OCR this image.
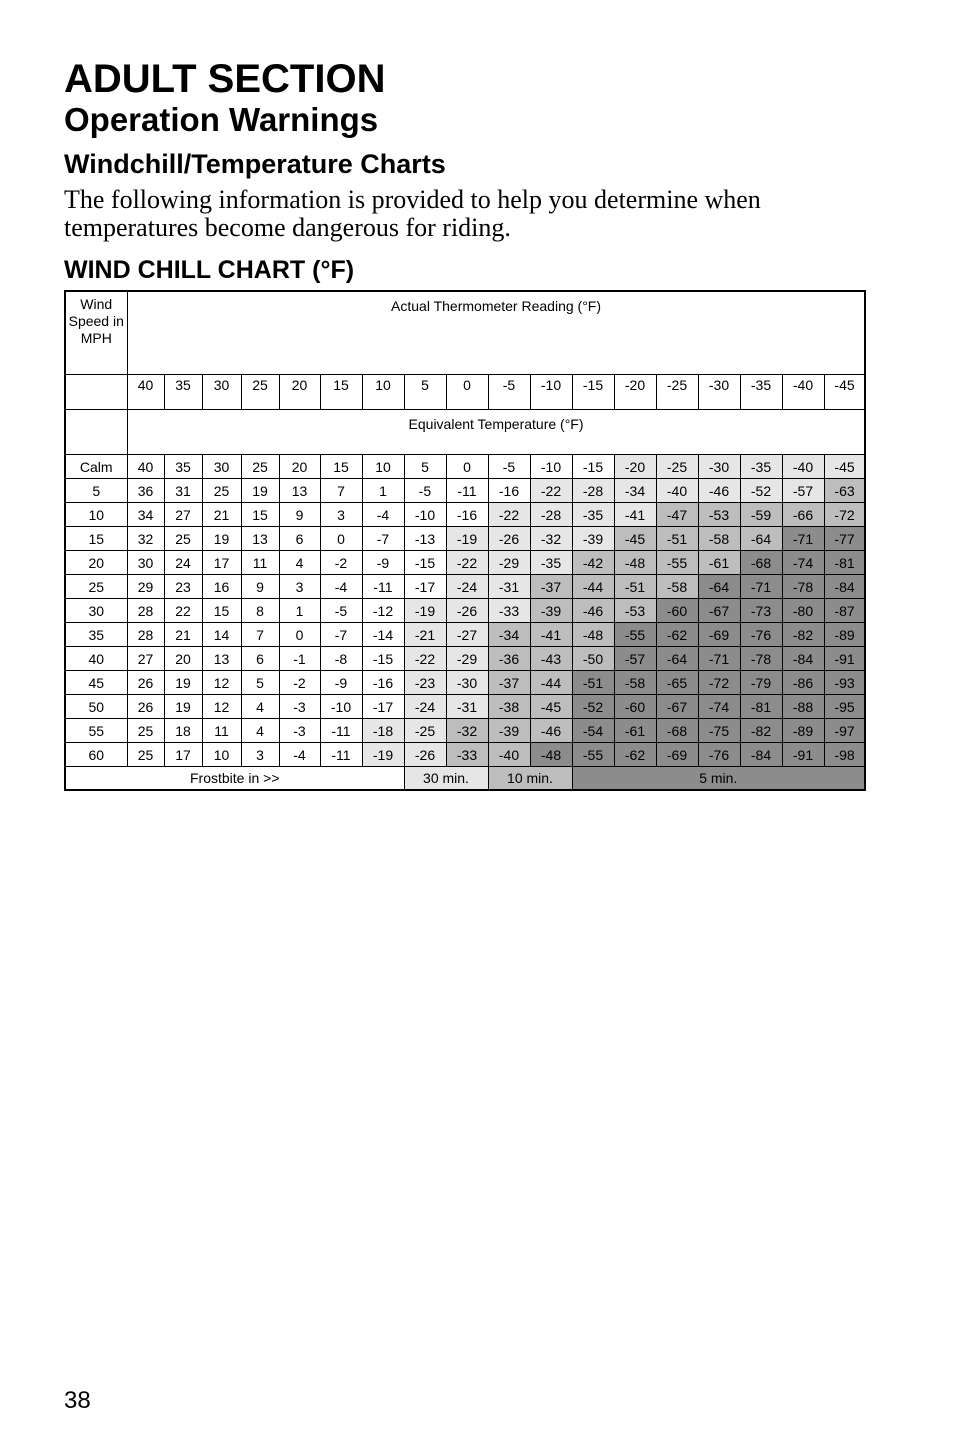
ADULT SECTION
Operation Warnings
Windchill/Temperature Charts

The following information is provided to help you determine when temperatures become dangerous for riding.

WIND CHILL CHART (°F)
Wind Speed in MPH	Actual Thermometer Reading (°F)																	
	40	35	30	25	20	15	10	5	0	-5	-10	-15	-20	-25	-30	-35	-40	-45
	Equivalent Temperature (°F)																	
Calm	40	35	30	25	20	15	10	5	0	-5	-10	-15	-20	-25	-30	-35	-40	-45
5	36	31	25	19	13	7	1	-5	-11	-16	-22	-28	-34	-40	-46	-52	-57	-63
10	34	27	21	15	9	3	-4	-10	-16	-22	-28	-35	-41	-47	-53	-59	-66	-72
15	32	25	19	13	6	0	-7	-13	-19	-26	-32	-39	-45	-51	-58	-64	-71	-77
20	30	24	17	11	4	-2	-9	-15	-22	-29	-35	-42	-48	-55	-61	-68	-74	-81
25	29	23	16	9	3	-4	-11	-17	-24	-31	-37	-44	-51	-58	-64	-71	-78	-84
30	28	22	15	8	1	-5	-12	-19	-26	-33	-39	-46	-53	-60	-67	-73	-80	-87
35	28	21	14	7	0	-7	-14	-21	-27	-34	-41	-48	-55	-62	-69	-76	-82	-89
40	27	20	13	6	-1	-8	-15	-22	-29	-36	-43	-50	-57	-64	-71	-78	-84	-91
45	26	19	12	5	-2	-9	-16	-23	-30	-37	-44	-51	-58	-65	-72	-79	-86	-93
50	26	19	12	4	-3	-10	-17	-24	-31	-38	-45	-52	-60	-67	-74	-81	-88	-95
55	25	18	11	4	-3	-11	-18	-25	-32	-39	-46	-54	-61	-68	-75	-82	-89	-97
60	25	17	10	3	-4	-11	-19	-26	-33	-40	-48	-55	-62	-69	-76	-84	-91	-98
Frostbite in >>								30 min.		10 min.		5 min.						
38
